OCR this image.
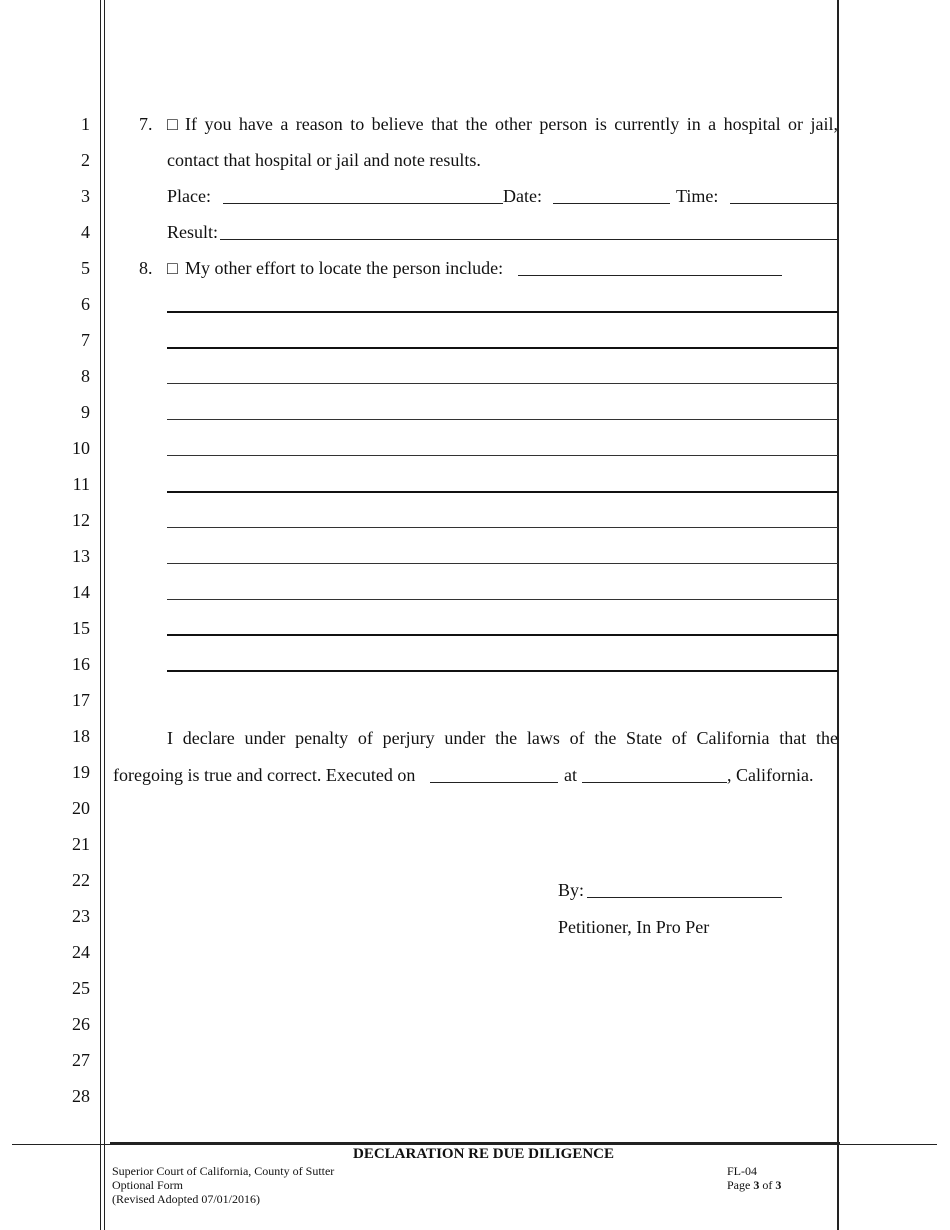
1
2
3
4
5
6
7
8
9
10
11
12
13
14
15
16
17
18
19
20
21
22
23
24
25
26
27
28
7. □ If you have a reason to believe that the other person is currently in a hospital or jail,
contact that hospital or jail and note results.
Place:	Date:	Time:
Result:
8. □ My other effort to locate the person include:
I declare under penalty of perjury under the laws of the State of California that the
foregoing is true and correct. Executed on	at	, California.
By:
Petitioner, In Pro Per
DECLARATION RE DUE DILIGENCE
Superior Court of California, County of Sutter
Optional Form
(Revised Adopted 07/01/2016)
FL-04
Page 3 of 3
